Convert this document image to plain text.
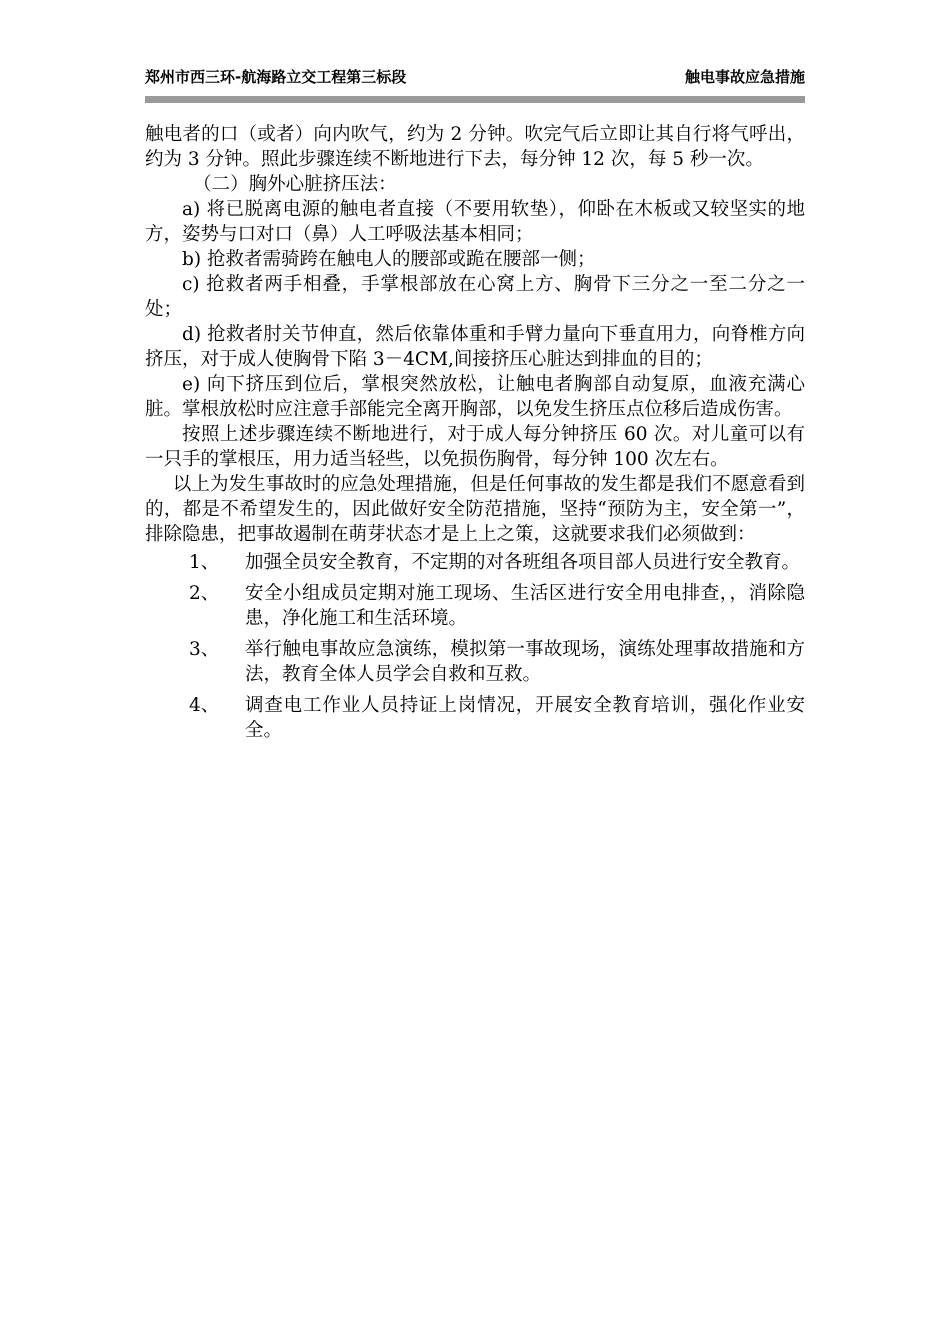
郑州市西三环-航海路立交工程第三标段	触电事故应急措施

触电者的口（或者）向内吹气，约为 2 分钟。吹完气后立即让其自行将气呼出，约为 3 分钟。照此步骤连续不断地进行下去，每分钟 12 次，每 5 秒一次。

（二）胸外心脏挤压法：

a) 将已脱离电源的触电者直接（不要用软垫），仰卧在木板或又较坚实的地方，姿势与口对口（鼻）人工呼吸法基本相同；

b) 抢救者需骑跨在触电人的腰部或跪在腰部一侧；

c) 抢救者两手相叠，手掌根部放在心窝上方、胸骨下三分之一至二分之一处；

d) 抢救者肘关节伸直，然后依靠体重和手臂力量向下垂直用力，向脊椎方向挤压，对于成人使胸骨下陷 3－4CM,间接挤压心脏达到排血的目的；

e) 向下挤压到位后，掌根突然放松，让触电者胸部自动复原，血液充满心脏。掌根放松时应注意手部能完全离开胸部，以免发生挤压点位移后造成伤害。

按照上述步骤连续不断地进行，对于成人每分钟挤压 60 次。对儿童可以有一只手的掌根压，用力适当轻些，以免损伤胸骨，每分钟 100 次左右。

以上为发生事故时的应急处理措施，但是任何事故的发生都是我们不愿意看到的，都是不希望发生的，因此做好安全防范措施，坚持“预防为主，安全第一”，排除隐患，把事故遏制在萌芽状态才是上上之策，这就要求我们必须做到：

1、 加强全员安全教育，不定期的对各班组各项目部人员进行安全教育。
2、 安全小组成员定期对施工现场、生活区进行安全用电排查，，消除隐患，净化施工和生活环境。
3、 举行触电事故应急演练，模拟第一事故现场，演练处理事故措施和方法，教育全体人员学会自救和互救。
4、 调查电工作业人员持证上岗情况，开展安全教育培训，强化作业安全。
